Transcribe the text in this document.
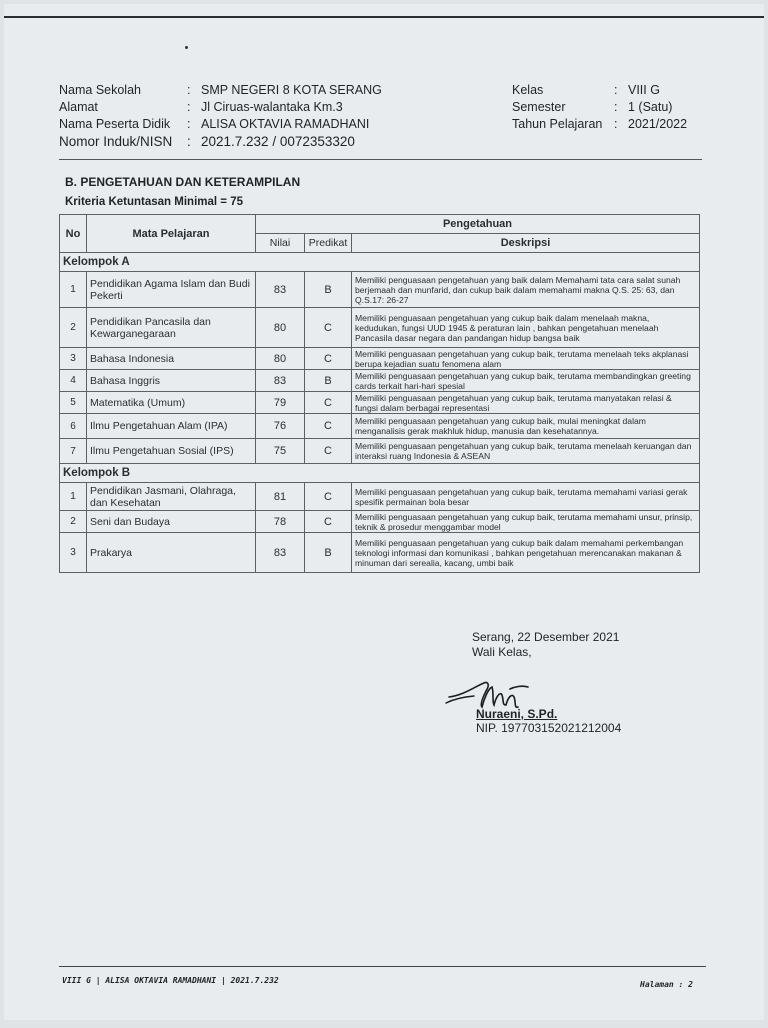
Nama Sekolah	: SMP NEGERI 8 KOTA SERANG
Alamat	: Jl Ciruas-walantaka Km.3
Nama Peserta Didik	: ALISA OKTAVIA RAMADHANI
Nomor Induk/NISN	: 2021.7.232 / 0072353320
Kelas	: VIII G
Semester	: 1 (Satu)
Tahun Pelajaran : 2021/2022
B. PENGETAHUAN DAN KETERAMPILAN
Kriteria Ketuntasan Minimal = 75
No	Mata Pelajaran	Pengetahuan		
		Nilai	Predikat	Deskripsi
Kelompok A				
1	Pendidikan Agama Islam dan Budi Pekerti	83	B	Memiliki penguasaan pengetahuan yang baik dalam Memahami tata cara salat sunah berjemaah dan munfarid, dan cukup baik dalam memahami makna Q.S. 25: 63, dan Q.S.17: 26-27
2	Pendidikan Pancasila dan Kewarganegaraan	80	C	Memiliki penguasaan pengetahuan yang cukup baik dalam menelaah makna, kedudukan, fungsi UUD 1945 & peraturan lain , bahkan pengetahuan menelaah Pancasila dasar negara dan pandangan hidup bangsa baik
3	Bahasa Indonesia	80	C	Memiliki penguasaan pengetahuan yang cukup baik, terutama menelaah teks akplanasi berupa kejadian suatu fenomena alam
4	Bahasa Inggris	83	B	Memiliki penguasaan pengetahuan yang cukup baik, terutama membandingkan greeting cards terkait hari-hari spesial
5	Matematika (Umum)	79	C	Memiliki penguasaan pengetahuan yang cukup baik, terutama manyatakan relasi & fungsi dalam berbagai representasi
6	Ilmu Pengetahuan Alam (IPA)	76	C	Memiliki penguasaan pengetahuan yang cukup baik, mulai meningkat dalam menganalisis gerak makhluk hidup, manusia dan kesehatannya.
7	Ilmu Pengetahuan Sosial (IPS)	75	C	Memiliki penguasaan pengetahuan yang cukup baik, terutama menelaah keruangan dan interaksi ruang Indonesia & ASEAN
Kelompok B				
1	Pendidikan Jasmani, Olahraga, dan Kesehatan	81	C	Memiliki penguasaan pengetahuan yang cukup baik, terutama memahami variasi gerak spesifik permainan bola besar
2	Seni dan Budaya	78	C	Memiliki penguasaan pengetahuan yang cukup baik, terutama memahami unsur, prinsip, teknik & prosedur menggambar model
3	Prakarya	83	B	Memiliki penguasaan pengetahuan yang cukup baik dalam memahami perkembangan teknologi informasi dan komunikasi , bahkan pengetahuan merencanakan makanan & minuman dari serealia, kacang, umbi baik
Serang, 22 Desember 2021
Wali Kelas,
Nuraeni, S.Pd.
NIP. 197703152021212004
VIII G | ALISA OKTAVIA RAMADHANI | 2021.7.232	Halaman : 2
